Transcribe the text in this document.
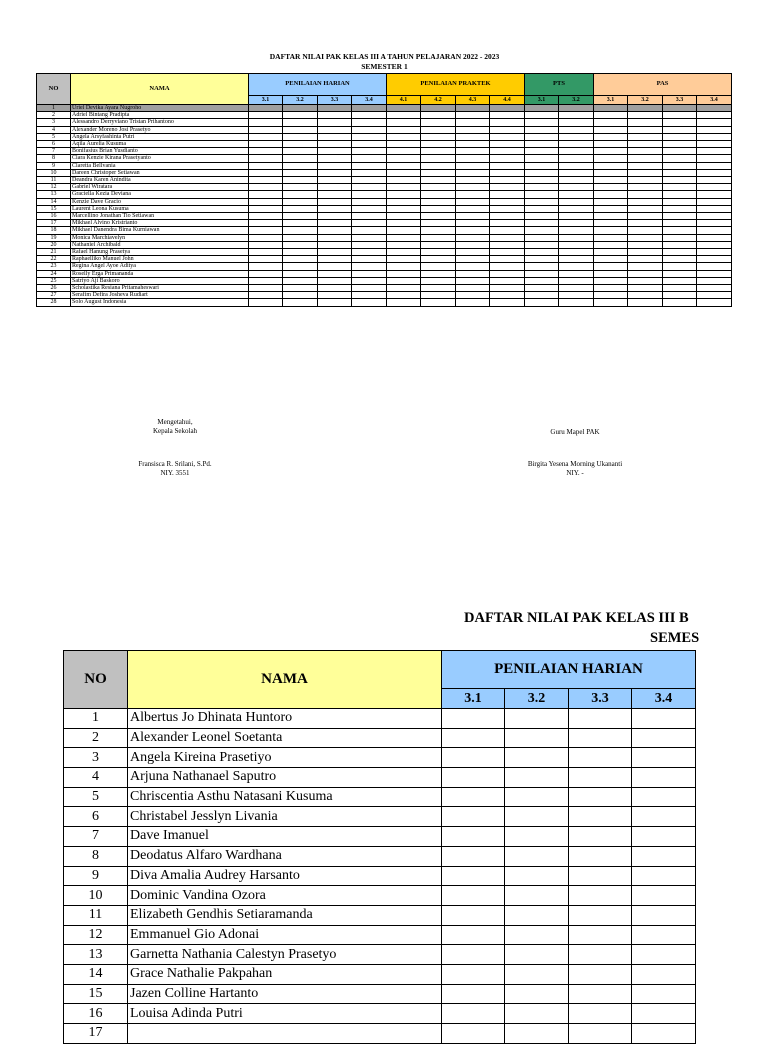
DAFTAR NILAI PAK KELAS III A TAHUN PELAJARAN 2022 - 2023
SEMESTER 1
NO	NAMA	PENILAIAN HARIAN				PENILAIAN PRAKTEK				PTS		PAS			
		3.1	3.2	3.3	3.4	4.1	4.2	4.3	4.4	3.1	3.2	3.1	3.2	3.3	3.4
1	Uriel Devika Ayara Nugroho														
2	Adriel Bintang Pradipta														
3	Alessandro Derryviano Tristan Prihantono														
4	Alexander Moreno Josi Prasetyo														
5	Angela Arsyfashinta Putri														
6	Aqila Aurelia Kusuma														
7	Bonifasius Brian Yusdianto														
8	Clara Kenzie Kirana Prasetyanto														
9	Claretta Bellvania														
10	Dareen Christoper Setiawan														
11	Deandra Karen Anindita														
12	Gabriel Wiratara														
13	Graciella Kezia Deviana														
14	Kenzie Dave Gracio														
15	Laurent Leona Kusuma														
16	Marcellino Jonathan Tio Setiawan														
17	Mikhael Alvino Kristrianto														
18	Mikhael Danendra Bima Kurniawan														
19	Monica Marchiavelyn														
20	Nathaniel Archibald														
21	Rafael Hanung Prasetya														
22	Raphaelliko Manuel John														
23	Regina Angel Ayoe Aditya														
24	Roselly Erga Primananda														
25	Satriyo Aji Baskoro														
26	Scholastika Resiana Pritamaheswari														
27	Serafim Defira Josheva Rudiart														
28	Solo August Indonesia														
Mengetahui,
Kepala Sekolah	Guru Mapel PAK
Fransisca R. Srilani, S.Pd.
NIY. 3551
Birgita Yesena Morning Ukananti
NIY. -
DAFTAR NILAI PAK KELAS III B
SEMES
NO	NAMA	PENILAIAN HARIAN			
		3.1	3.2	3.3	3.4
1	Albertus Jo Dhinata Huntoro				
2	Alexander Leonel Soetanta				
3	Angela Kireina Prasetiyo				
4	Arjuna Nathanael Saputro				
5	Chriscentia Asthu Natasani Kusuma				
6	Christabel Jesslyn Livania				
7	Dave Imanuel				
8	Deodatus Alfaro Wardhana				
9	Diva Amalia Audrey Harsanto				
10	Dominic Vandina Ozora				
11	Elizabeth Gendhis Setiaramanda				
12	Emmanuel Gio Adonai				
13	Garnetta Nathania Calestyn Prasetyo				
14	Grace Nathalie Pakpahan				
15	Jazen Colline Hartanto				
16	Louisa Adinda Putri				
17					
